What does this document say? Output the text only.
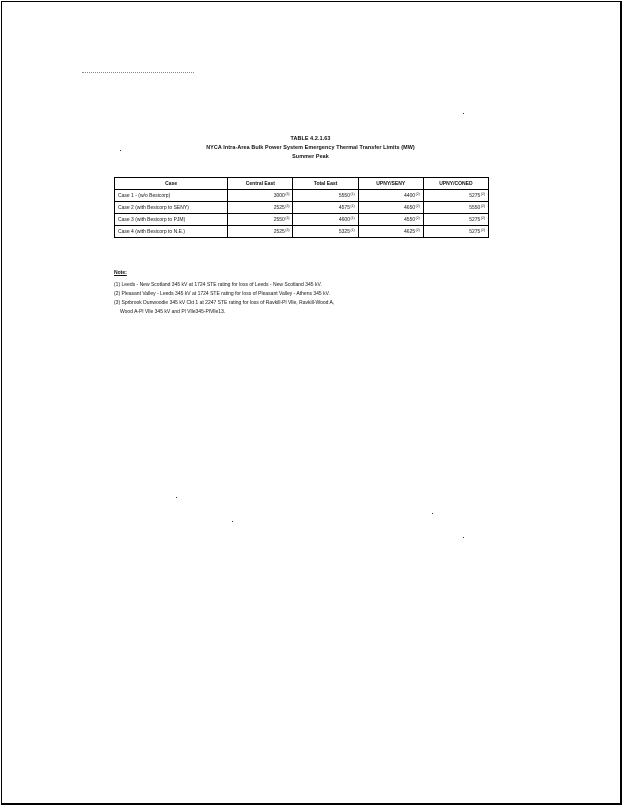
TABLE 4.2.1.63
NYCA Intra-Area Bulk Power System Emergency Thermal Transfer Limits (MW)
Summer Peak
Case	Central East	Total East	UPNY/SENY	UPNY/CONED
Case 1 - (w/o Besicorp)	3000$^{(3)}$	5550$^{(1)}$	4400$^{(2)}$	5275$^{(2)}$
Case 2 (with Besicorp to SENY)	2525$^{(3)}$	4575$^{(1)}$	4650$^{(2)}$	5550$^{(2)}$
Case 3 (with Besicorp to PJM)	2550$^{(3)}$	4600$^{(1)}$	4550$^{(2)}$	5275$^{(2)}$
Case 4 (with Besicorp to N.E.)	2525$^{(3)}$	5325$^{(1)}$	4625$^{(2)}$	5275$^{(2)}$
Note:
(1) Leeds - New Scotland 345 kV at 1724 STE rating for loss of Leeds - New Scotland 345 kV.
(2) Pleasant Valley - Leeds 345 kV at 1724 STE rating for loss of Pleasant Valley - Athens 345 kV.
(3) Sprbrook Dunwoodie 345 kV Ckt 1 at 2247 STE rating for loss of Ravkill-Pl Vlle, Ravkill-Wood A,
Wood A-Pl Vlle 345 kV and Pl Vlle345-PlVlle13.
